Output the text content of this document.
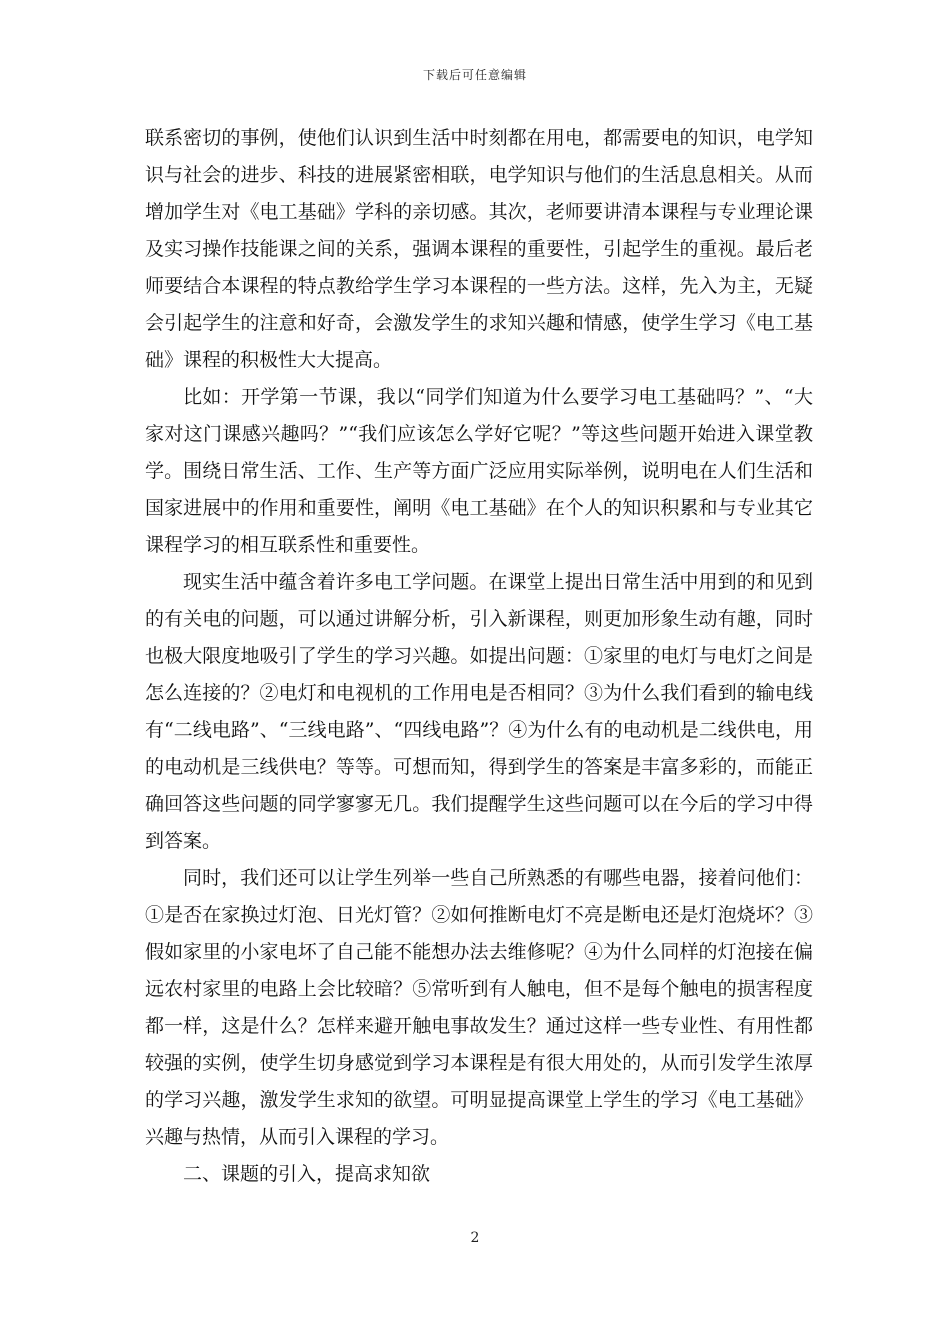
下载后可任意编辑

联系密切的事例，使他们认识到生活中时刻都在用电，都需要电的知识，电学知识与社会的进步、科技的进展紧密相联，电学知识与他们的生活息息相关。从而增加学生对《电工基础》学科的亲切感。其次，老师要讲清本课程与专业理论课及实习操作技能课之间的关系，强调本课程的重要性，引起学生的重视。最后老师要结合本课程的特点教给学生学习本课程的一些方法。这样，先入为主，无疑会引起学生的注意和好奇，会激发学生的求知兴趣和情感，使学生学习《电工基础》课程的积极性大大提高。

比如：开学第一节课，我以“同学们知道为什么要学习电工基础吗？”、“大家对这门课感兴趣吗？”“我们应该怎么学好它呢？”等这些问题开始进入课堂教学。围绕日常生活、工作、生产等方面广泛应用实际举例，说明电在人们生活和国家进展中的作用和重要性，阐明《电工基础》在个人的知识积累和与专业其它课程学习的相互联系性和重要性。

现实生活中蕴含着许多电工学问题。在课堂上提出日常生活中用到的和见到的有关电的问题，可以通过讲解分析，引入新课程，则更加形象生动有趣，同时也极大限度地吸引了学生的学习兴趣。如提出问题：①家里的电灯与电灯之间是怎么连接的？②电灯和电视机的工作用电是否相同？③为什么我们看到的输电线有“二线电路”、“三线电路”、“四线电路”？④为什么有的电动机是二线供电，用的电动机是三线供电？等等。可想而知，得到学生的答案是丰富多彩的，而能正确回答这些问题的同学寥寥无几。我们提醒学生这些问题可以在今后的学习中得到答案。

同时，我们还可以让学生列举一些自己所熟悉的有哪些电器，接着问他们：①是否在家换过灯泡、日光灯管？②如何推断电灯不亮是断电还是灯泡烧坏？③假如家里的小家电坏了自己能不能想办法去维修呢？④为什么同样的灯泡接在偏远农村家里的电路上会比较暗？⑤常听到有人触电，但不是每个触电的损害程度都一样，这是什么？怎样来避开触电事故发生？通过这样一些专业性、有用性都较强的实例，使学生切身感觉到学习本课程是有很大用处的，从而引发学生浓厚的学习兴趣，激发学生求知的欲望。可明显提高课堂上学生的学习《电工基础》兴趣与热情，从而引入课程的学习。

二、课题的引入，提高求知欲

2
